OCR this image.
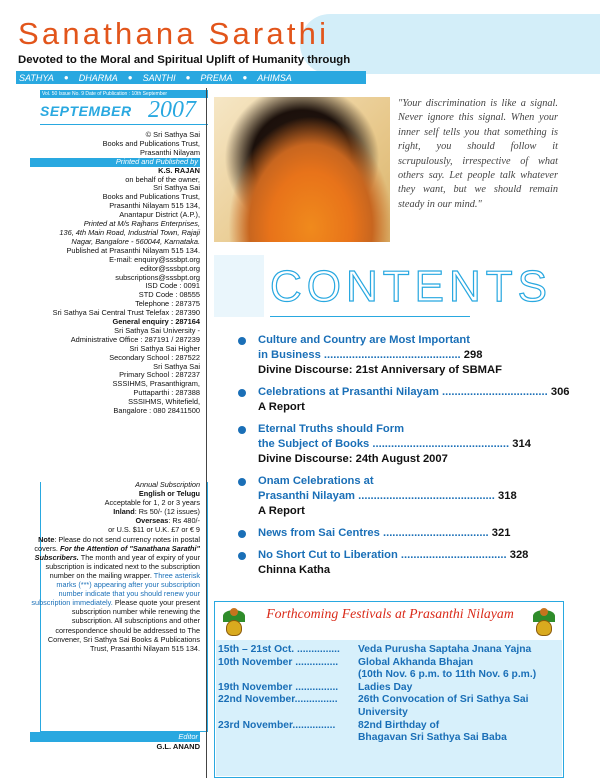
Sanathana Sarathi
Devoted to the Moral and Spiritual Uplift of Humanity through
SATHYA ● DHARMA ● SANTHI ● PREMA ● AHIMSA
Vol. 50 Issue No. 9 Date of Publication : 10th September
SEPTEMBER 2007
© Sri Sathya Sai
Books and Publications Trust,
Prasanthi Nilayam
Printed and Published by
K.S. RAJAN
on behalf of the owner,
Sri Sathya Sai
Books and Publications Trust,
Prasanthi Nilayam 515 134,
Anantapur District (A.P.),
Printed at M/s Rajhans Enterprises,
136, 4th Main Road, Industrial Town, Rajaji
Nagar, Bangalore - 560044, Karnataka.
Published at Prasanthi Nilayam 515 134.
E-mail: enquiry@sssbpt.org
editor@sssbpt.org
subscriptions@sssbpt.org
ISD Code : 0091
STD Code : 08555
Telephone : 287375
Sri Sathya Sai Central Trust Telefax : 287390
General enquiry : 287164
Sri Sathya Sai University -
Administrative Office : 287191 / 287239
Sri Sathya Sai Higher
Secondary School : 287522
Sri Sathya Sai
Primary School : 287237
SSSIHMS, Prasanthigram,
Puttaparthi : 287388
SSSIHMS, Whitefield,
Bangalore : 080 28411500
Annual Subscription
English or Telugu
Acceptable for 1, 2 or 3 years
Inland: Rs 50/- (12 issues)
Overseas: Rs 480/-
or U.S. $11 or U.K. £7 or € 9
Note: Please do not send currency notes in postal covers. For the Attention of "Sanathana Sarathi" Subscribers. The month and year of expiry of your subscription is indicated next to the subscription number on the mailing wrapper. Three asterisk marks (***) appearing after your subscription number indicate that you should renew your subscription immediately. Please quote your present subscription number while renewing the subscription. All subscriptions and other correspondence should be addressed to The Convener, Sri Sathya Sai Books & Publications Trust, Prasanthi Nilayam 515 134.
Editor
G.L. ANAND
"Your discrimination is like a signal. Never ignore this signal. When your inner self tells you that something is right, you should follow it scrupulously, irrespective of what others say. Let people talk whatever they want, but we should remain steady in our mind."
CONTENTS
Culture and Country are Most Important
in Business ............................................ 298
Divine Discourse: 21st Anniversary of SBMAF
Celebrations at Prasanthi Nilayam .................................. 306
A Report
Eternal Truths should Form
the Subject of Books ............................................ 314
Divine Discourse: 24th August 2007
Onam Celebrations at
Prasanthi Nilayam ............................................ 318
A Report
News from Sai Centres .................................. 321
No Short Cut to Liberation .................................. 328
Chinna Katha
Forthcoming Festivals at Prasanthi Nilayam
15th – 21st Oct. ............... Veda Purusha Saptaha Jnana Yajna
10th November ............... Global Akhanda Bhajan
(10th Nov. 6 p.m. to 11th Nov. 6 p.m.)
19th November ............... Ladies Day
22nd November............... 26th Convocation of Sri Sathya Sai
University
23rd November............... 82nd Birthday of
Bhagavan Sri Sathya Sai Baba
